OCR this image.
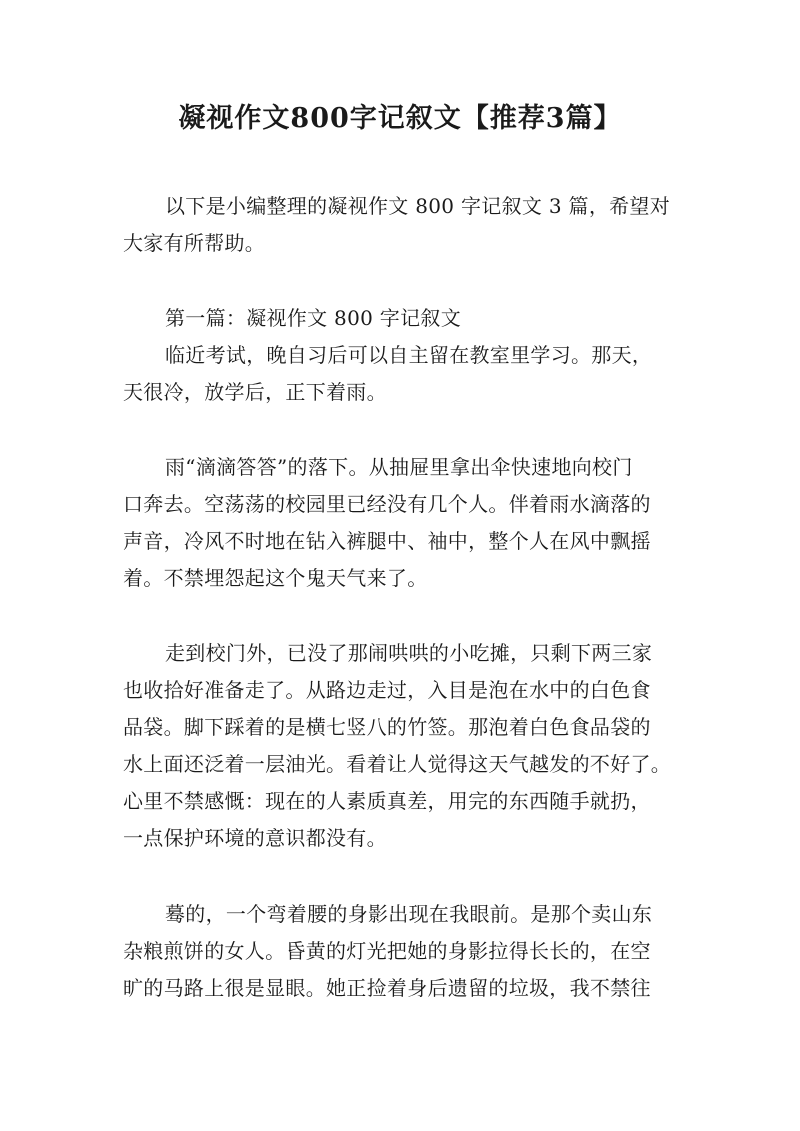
凝视作文800字记叙文【推荐3篇】
以下是小编整理的凝视作文 800 字记叙文 3 篇，希望对
大家有所帮助。
第一篇：凝视作文 800 字记叙文
临近考试，晚自习后可以自主留在教室里学习。那天，
天很冷，放学后，正下着雨。
雨“滴滴答答”的落下。从抽屉里拿出伞快速地向校门
口奔去。空荡荡的校园里已经没有几个人。伴着雨水滴落的
声音，冷风不时地在钻入裤腿中、袖中，整个人在风中飘摇
着。不禁埋怨起这个鬼天气来了。
走到校门外，已没了那闹哄哄的小吃摊，只剩下两三家
也收拾好准备走了。从路边走过，入目是泡在水中的白色食
品袋。脚下踩着的是横七竖八的竹签。那泡着白色食品袋的
水上面还泛着一层油光。看着让人觉得这天气越发的不好了。
心里不禁感慨：现在的人素质真差，用完的东西随手就扔，
一点保护环境的意识都没有。
蓦的，一个弯着腰的身影出现在我眼前。是那个卖山东
杂粮煎饼的女人。昏黄的灯光把她的身影拉得长长的，在空
旷的马路上很是显眼。她正捡着身后遗留的垃圾，我不禁往
